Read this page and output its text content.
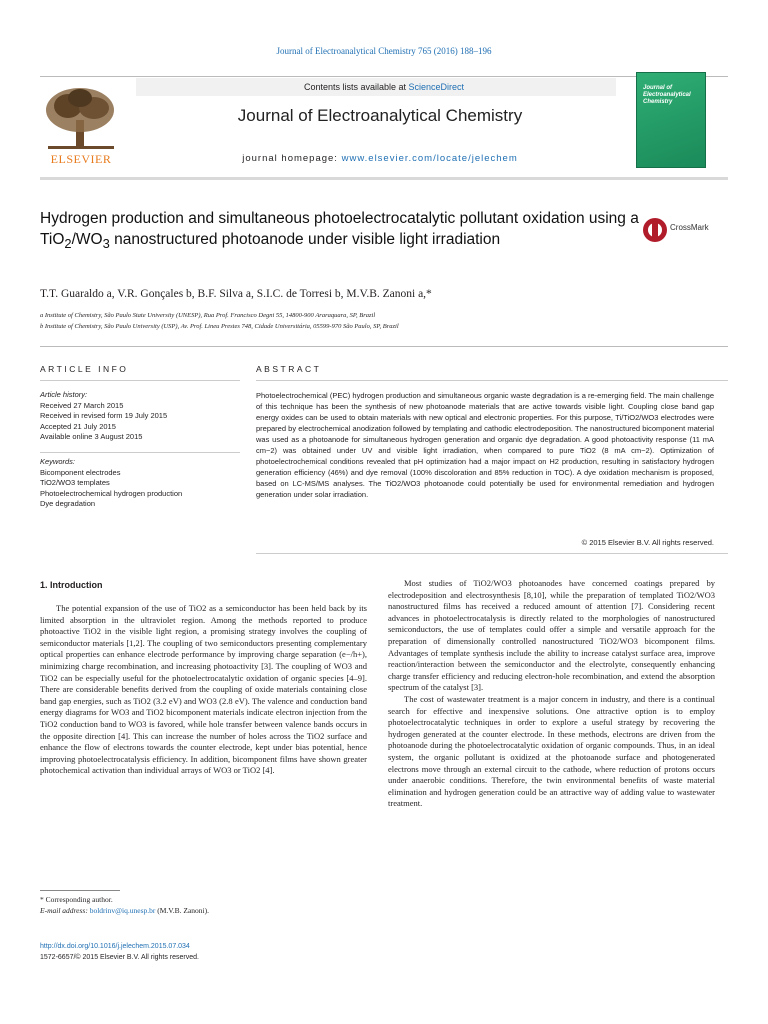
Journal of Electroanalytical Chemistry 765 (2016) 188–196
Contents lists available at ScienceDirect
ELSEVIER
Journal of Electroanalytical Chemistry
journal homepage: www.elsevier.com/locate/jelechem
Journal of Electroanalytical Chemistry
Hydrogen production and simultaneous photoelectrocatalytic pollutant oxidation using a $TiO_2/WO_3$ nanostructured photoanode under visible light irradiation
CrossMark
T.T. Guaraldo a, V.R. Gonçales b, B.F. Silva a, S.I.C. de Torresi b, M.V.B. Zanoni a,*
a Institute of Chemistry, São Paulo State University (UNESP), Rua Prof. Francisco Degni 55, 14800-900 Araraquara, SP, Brazil
b Institute of Chemistry, São Paulo University (USP), Av. Prof. Lineu Prestes 748, Cidade Universitária, 05599-970 São Paulo, SP, Brazil
ARTICLE INFO	ABSTRACT
Article history:
Received 27 March 2015
Received in revised form 19 July 2015
Accepted 21 July 2015
Available online 3 August 2015
Keywords:
Bicomponent electrodes
TiO2/WO3 templates
Photoelectrochemical hydrogen production
Dye degradation
Photoelectrochemical (PEC) hydrogen production and simultaneous organic waste degradation is a re-emerging field. The main challenge of this technique has been the synthesis of new photoanode materials that are active towards visible light. Coupling close band gap energy oxides can be used to obtain materials with new optical and electronic properties. For this purpose, Ti/TiO2/WO3 electrodes were prepared by electrochemical anodization followed by templating and cathodic electrodeposition. The nanostructured bicomponent material was used as a photoanode for simultaneous hydrogen generation and organic dye degradation. A good photoactivity response (11 mA cm−2) was obtained under UV and visible light irradiation, when compared to pure TiO2 (8 mA cm−2). Optimization of photoelectrochemical conditions revealed that pH optimization had a major impact on H2 production, resulting in satisfactory hydrogen generation efficiency (46%) and dye removal (100% discoloration and 85% reduction in TOC). A dye oxidation mechanism is proposed, based on LC-MS/MS analyses. The TiO2/WO3 photoanode could potentially be used for environmental remediation and hydrogen generation under solar irradiation.
© 2015 Elsevier B.V. All rights reserved.
1. Introduction

The potential expansion of the use of TiO2 as a semiconductor has been held back by its limited absorption in the ultraviolet region. Among the methods reported to produce photoactive TiO2 in the visible light region, a promising strategy involves the coupling of semiconductor materials [1,2]. The coupling of two semiconductors presenting complementary optical properties can enhance electrode performance by improving charge separation (e−/h+), minimizing charge recombination, and increasing photoactivity [3]. The coupling of WO3 and TiO2 can be especially useful for the photoelectrocatalytic oxidation of organic species [4–9]. There are considerable benefits derived from the coupling of oxide materials containing close band gap energies, such as TiO2 (3.2 eV) and WO3 (2.8 eV). The valence and conduction band energy diagrams for WO3 and TiO2 bicomponent materials indicate electron injection from the TiO2 conduction band to WO3 is favored, while hole transfer between valence bands occurs in the opposite direction [4]. This can increase the number of holes across the TiO2 surface and enhance the flow of electrons towards the counter electrode, kept under bias potential, hence improving photoelectrocatalysis efficiency. In addition, bicomponent films have shown greater photochemical activation than individual arrays of WO3 or TiO2 [4].

Most studies of TiO2/WO3 photoanodes have concerned coatings prepared by electrodeposition and electrosynthesis [8,10], while the preparation of templated TiO2/WO3 nanostructured films has received a reduced amount of attention [7]. Considering recent advances in photoelectrocatalysis is directly related to the morphologies of nanostructured semiconductors, the use of templates could offer a simple and versatile approach for the preparation of dimensionally controlled nanostructured TiO2/WO3 bicomponent films. Advantages of template synthesis include the ability to increase catalyst surface area, improve reaction/interaction between the semiconductor and the electrolyte, consequently enhancing charge transfer efficiency and reducing electron-hole recombination, and extend the absorption spectrum of the catalyst [3].

The cost of wastewater treatment is a major concern in industry, and there is a continual search for effective and inexpensive solutions. One attractive option is to employ photoelectrocatalytic techniques in order to explore a useful strategy by recovering the hydrogen generated at the counter electrode. In these methods, electrons are driven from the photoanode during the photoelectrocatalytic oxidation of organic compounds. Thus, in an ideal system, the organic pollutant is oxidized at the photoanode surface and photogenerated electrons move through an external circuit to the cathode, where reduction of protons occurs under anaerobic conditions. Therefore, the twin environmental benefits of waste material elimination and hydrogen generation could be an attractive way of adding value to wastewater treatment.

* Corresponding author.
E-mail address: boldrinv@iq.unesp.br (M.V.B. Zanoni).
http://dx.doi.org/10.1016/j.jelechem.2015.07.034
1572-6657/© 2015 Elsevier B.V. All rights reserved.
